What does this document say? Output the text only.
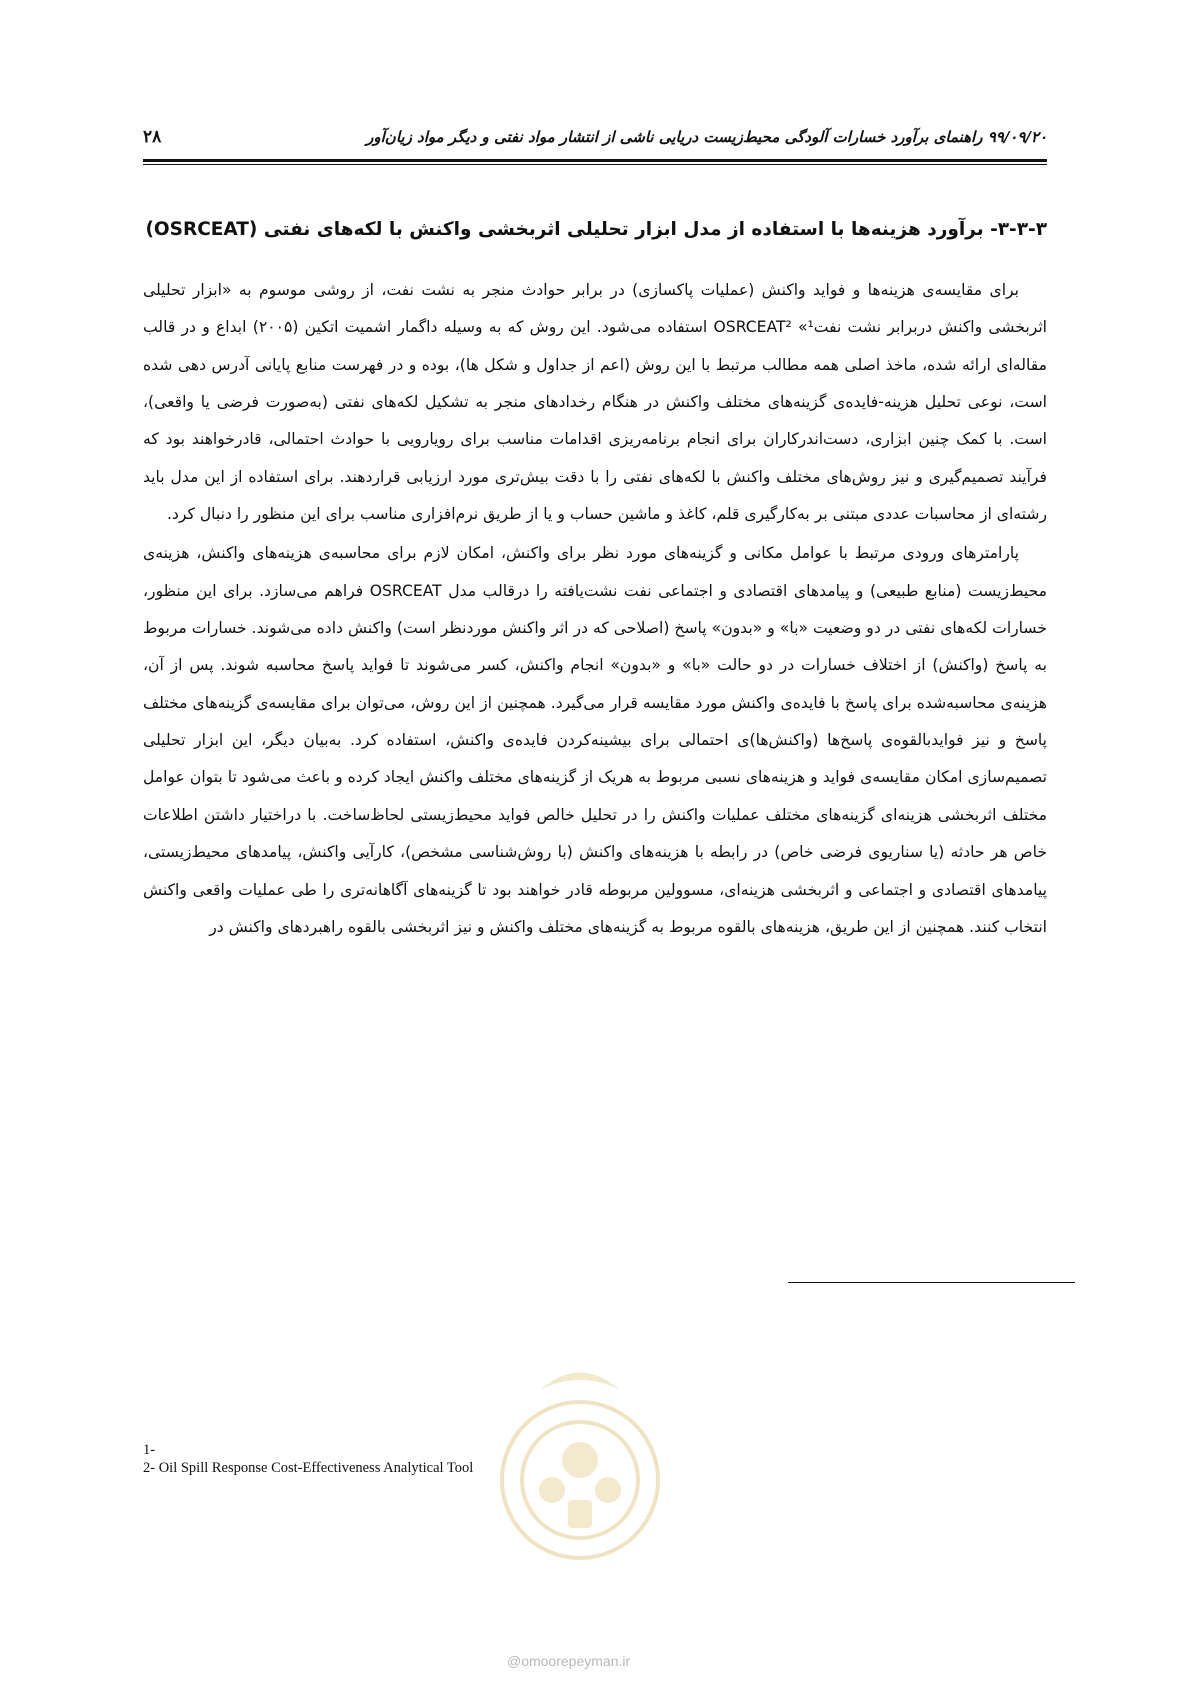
۹۹/۰۹/۲۰ راهنمای برآورد خسارات آلودگی محیط‌زیست دریایی ناشی از انتشار مواد نفتی و دیگر مواد زیان‌آور
۲۸
۳-۳-۳- برآورد هزینه‌ها با استفاده از مدل ابزار تحلیلی اثربخشی واکنش با لکه‌های نفتی (OSRCEAT)

برای مقایسه‌ی هزینه‌ها و فواید واکنش (عملیات پاکسازی) در برابر حوادث منجر به نشت نفت، از روشی موسوم به «ابزار تحلیلی اثربخشی واکنش دربرابر نشت نفت¹» OSRCEAT² استفاده می‌شود. این روش که به وسیله داگمار اشمیت اتکین (۲۰۰۵) ابداع و در قالب مقاله‌ای ارائه شده، ماخذ اصلی همه مطالب مرتبط با این روش (اعم از جداول و شکل ها)، بوده و در فهرست منابع پایانی آدرس دهی شده است، نوعی تحلیل هزینه-فایده‌ی گزینه‌های مختلف واکنش در هنگام رخدادهای منجر به تشکیل لکه‌های نفتی (به‌صورت فرضی یا واقعی)، است. با کمک چنین ابزاری، دست‌اندرکاران برای انجام برنامه‌ریزی اقدامات مناسب برای رویارویی با حوادث احتمالی، قادرخواهند بود که فرآیند تصمیم‌گیری و نیز روش‌های مختلف واکنش با لکه‌های نفتی را با دقت بیش‌تری مورد ارزیابی قراردهند. برای استفاده از این مدل باید رشته‌ای از محاسبات عددی مبتنی بر به‌کارگیری قلم، کاغذ و ماشین حساب و یا از طریق نرم‌افزاری مناسب برای این منظور را دنبال کرد.

پارامترهای ورودی مرتبط با عوامل مکانی و گزینه‌های مورد نظر برای واکنش، امکان لازم برای محاسبه‌ی هزینه‌های واکنش، هزینه‌ی محیط‌زیست (منابع طبیعی) و پیامدهای اقتصادی و اجتماعی نفت نشت‌یافته را درقالب مدل OSRCEAT فراهم می‌سازد. برای این منظور، خسارات لکه‌های نفتی در دو وضعیت «با» و «بدون» پاسخ (اصلاحی که در اثر واکنش موردنظر است) واکنش داده می‌شوند. خسارات مربوط به پاسخ (واکنش) از اختلاف خسارات در دو حالت «با» و «بدون» انجام واکنش، کسر می‌شوند تا فواید پاسخ محاسبه شوند. پس از آن، هزینه‌ی محاسبه‌شده برای پاسخ با فایده‌ی واکنش مورد مقایسه قرار می‌گیرد. همچنین از این روش، می‌توان برای مقایسه‌ی گزینه‌های مختلف پاسخ و نیز فوایدبالقوه‌ی پاسخ‌ها (واکنش‌ها)ی احتمالی برای بیشینه‌کردن فایده‌ی واکنش، استفاده کرد. به‌بیان دیگر، این ابزار تحلیلی تصمیم‌سازی امکان مقایسه‌ی فواید و هزینه‌های نسبی مربوط به هریک از گزینه‌های مختلف واکنش ایجاد کرده و باعث می‌شود تا بتوان عوامل مختلف اثربخشی هزینه‌ای گزینه‌های مختلف عملیات واکنش را در تحلیل خالص فواید محیط‌زیستی لحاظ‌ساخت. با دراختیار داشتن اطلاعات خاص هر حادثه (یا سناریوی فرضی خاص) در رابطه با هزینه‌های واکنش (با روش‌شناسی مشخص)، کارآیی واکنش، پیامدهای محیط‌زیستی، پیامدهای اقتصادی و اجتماعی و اثربخشی هزینه‌ای، مسوولین مربوطه قادر خواهند بود تا گزینه‌های آگاهانه‌تری را طی عملیات واقعی واکنش انتخاب کنند. همچنین از این طریق، هزینه‌های بالقوه مربوط به گزینه‌های مختلف واکنش و نیز اثربخشی بالقوه راهبردهای واکنش در

1-
2- Oil Spill Response Cost-Effectiveness Analytical Tool
@omoorepeyman.ir
